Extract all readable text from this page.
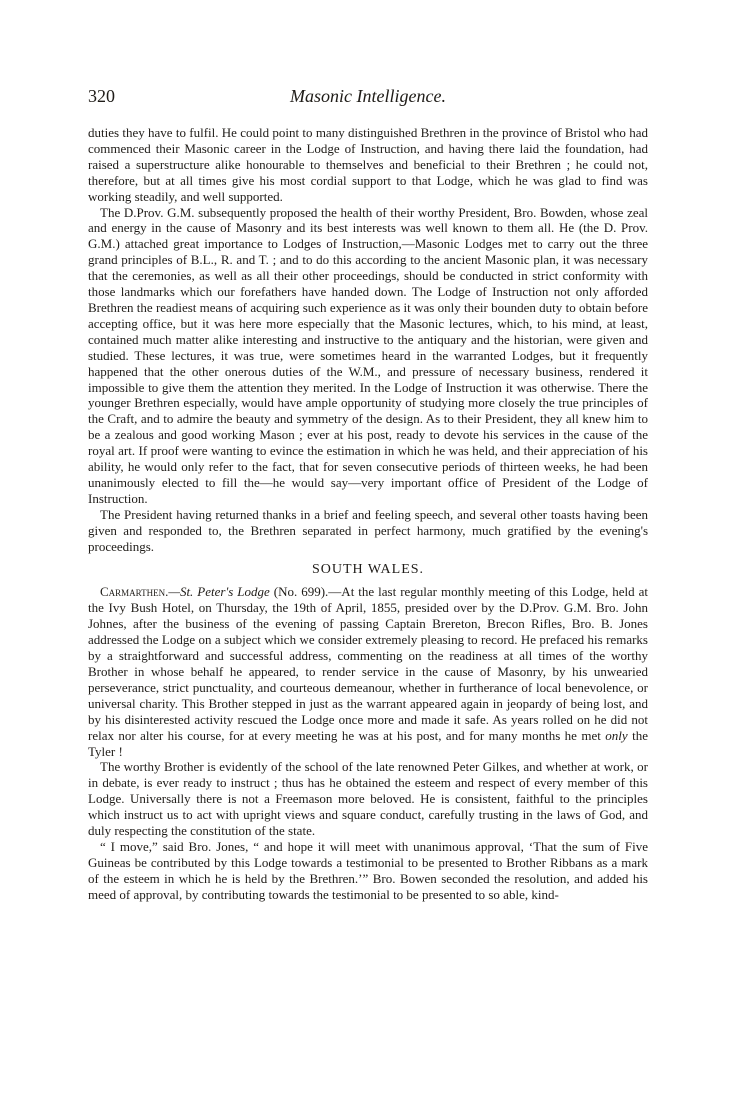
320	Masonic Intelligence.

duties they have to fulfil. He could point to many distinguished Brethren in the province of Bristol who had commenced their Masonic career in the Lodge of Instruction, and having there laid the foundation, had raised a superstructure alike honourable to themselves and beneficial to their Brethren ; he could not, therefore, but at all times give his most cordial support to that Lodge, which he was glad to find was working steadily, and well supported.

The D.Prov. G.M. subsequently proposed the health of their worthy President, Bro. Bowden, whose zeal and energy in the cause of Masonry and its best interests was well known to them all. He (the D. Prov. G.M.) attached great importance to Lodges of Instruction,—Masonic Lodges met to carry out the three grand principles of B.L., R. and T. ; and to do this according to the ancient Masonic plan, it was necessary that the ceremonies, as well as all their other proceedings, should be conducted in strict conformity with those landmarks which our forefathers have handed down. The Lodge of Instruction not only afforded Brethren the readiest means of acquiring such experience as it was only their bounden duty to obtain before accepting office, but it was here more especially that the Masonic lectures, which, to his mind, at least, contained much matter alike interesting and instructive to the antiquary and the historian, were given and studied. These lectures, it was true, were sometimes heard in the warranted Lodges, but it frequently happened that the other onerous duties of the W.M., and pressure of necessary business, rendered it impossible to give them the attention they merited. In the Lodge of Instruction it was otherwise. There the younger Brethren especially, would have ample opportunity of studying more closely the true principles of the Craft, and to admire the beauty and symmetry of the design. As to their President, they all knew him to be a zealous and good working Mason ; ever at his post, ready to devote his services in the cause of the royal art. If proof were wanting to evince the estimation in which he was held, and their appreciation of his ability, he would only refer to the fact, that for seven consecutive periods of thirteen weeks, he had been unanimously elected to fill the—he would say—very important office of President of the Lodge of Instruction.

The President having returned thanks in a brief and feeling speech, and several other toasts having been given and responded to, the Brethren separated in perfect harmony, much gratified by the evening's proceedings.

SOUTH WALES.

Carmarthen.—St. Peter's Lodge (No. 699).—At the last regular monthly meeting of this Lodge, held at the Ivy Bush Hotel, on Thursday, the 19th of April, 1855, presided over by the D.Prov. G.M. Bro. John Johnes, after the business of the evening of passing Captain Brereton, Brecon Rifles, Bro. B. Jones addressed the Lodge on a subject which we consider extremely pleasing to record. He prefaced his remarks by a straightforward and successful address, commenting on the readiness at all times of the worthy Brother in whose behalf he appeared, to render service in the cause of Masonry, by his unwearied perseverance, strict punctuality, and courteous demeanour, whether in furtherance of local benevolence, or universal charity. This Brother stepped in just as the warrant appeared again in jeopardy of being lost, and by his disinterested activity rescued the Lodge once more and made it safe. As years rolled on he did not relax nor alter his course, for at every meeting he was at his post, and for many months he met only the Tyler !

The worthy Brother is evidently of the school of the late renowned Peter Gilkes, and whether at work, or in debate, is ever ready to instruct ; thus has he obtained the esteem and respect of every member of this Lodge. Universally there is not a Freemason more beloved. He is consistent, faithful to the principles which instruct us to act with upright views and square conduct, carefully trusting in the laws of God, and duly respecting the constitution of the state.

“ I move,” said Bro. Jones, “ and hope it will meet with unanimous approval, ‘That the sum of Five Guineas be contributed by this Lodge towards a testimonial to be presented to Brother Ribbans as a mark of the esteem in which he is held by the Brethren.’” Bro. Bowen seconded the resolution, and added his meed of approval, by contributing towards the testimonial to be presented to so able, kind-
